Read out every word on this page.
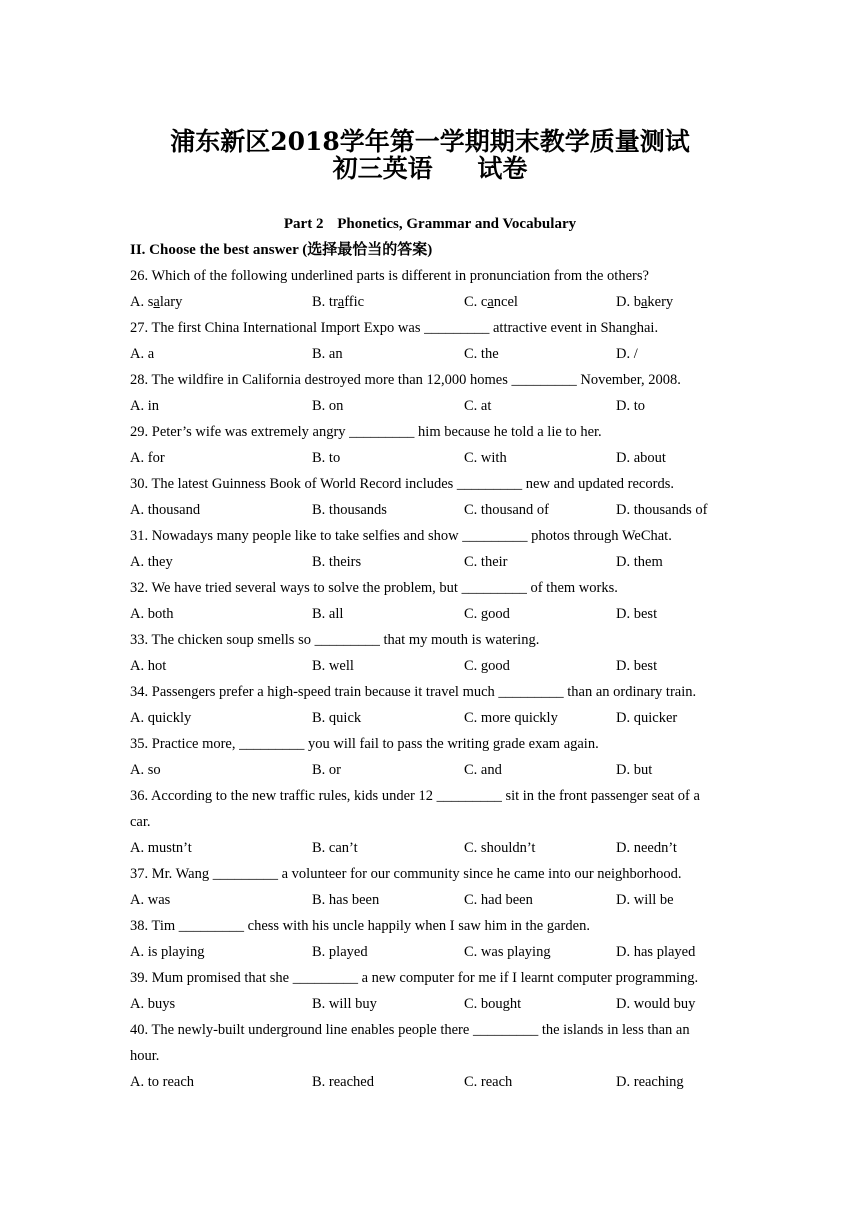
浦东新区2018学年第一学期期末教学质量测试
初三英语 试卷
Part 2 Phonetics, Grammar and Vocabulary
II. Choose the best answer (选择最恰当的答案)
26. Which of the following underlined parts is different in pronunciation from the others?
A. salary	B. traffic	C. cancel	D. bakery
27. The first China International Import Expo was _________ attractive event in Shanghai.
A. a	B. an	C. the	D. /
28. The wildfire in California destroyed more than 12,000 homes _________ November, 2008.
A. in	B. on	C. at	D. to
29. Peter’s wife was extremely angry _________ him because he told a lie to her.
A. for	B. to	C. with	D. about
30. The latest Guinness Book of World Record includes _________ new and updated records.
A. thousand	B. thousands	C. thousand of	D. thousands of
31. Nowadays many people like to take selfies and show _________ photos through WeChat.
A. they	B. theirs	C. their	D. them
32. We have tried several ways to solve the problem, but _________ of them works.
A. both	B. all	C. good	D. best
33. The chicken soup smells so _________ that my mouth is watering.
A. hot	B. well	C. good	D. best
34. Passengers prefer a high-speed train because it travel much _________ than an ordinary train.
A. quickly	B. quick	C. more quickly	D. quicker
35. Practice more, _________ you will fail to pass the writing grade exam again.
A. so	B. or	C. and	D. but
36. According to the new traffic rules, kids under 12 _________ sit in the front passenger seat of a
car.
A. mustn’t	B. can’t	C. shouldn’t	D. needn’t
37. Mr. Wang _________ a volunteer for our community since he came into our neighborhood.
A. was	B. has been	C. had been	D. will be
38. Tim _________ chess with his uncle happily when I saw him in the garden.
A. is playing	B. played	C. was playing	D. has played
39. Mum promised that she _________ a new computer for me if I learnt computer programming.
A. buys	B. will buy	C. bought	D. would buy
40. The newly-built underground line enables people there _________ the islands in less than an
hour.
A. to reach	B. reached	C. reach	D. reaching
